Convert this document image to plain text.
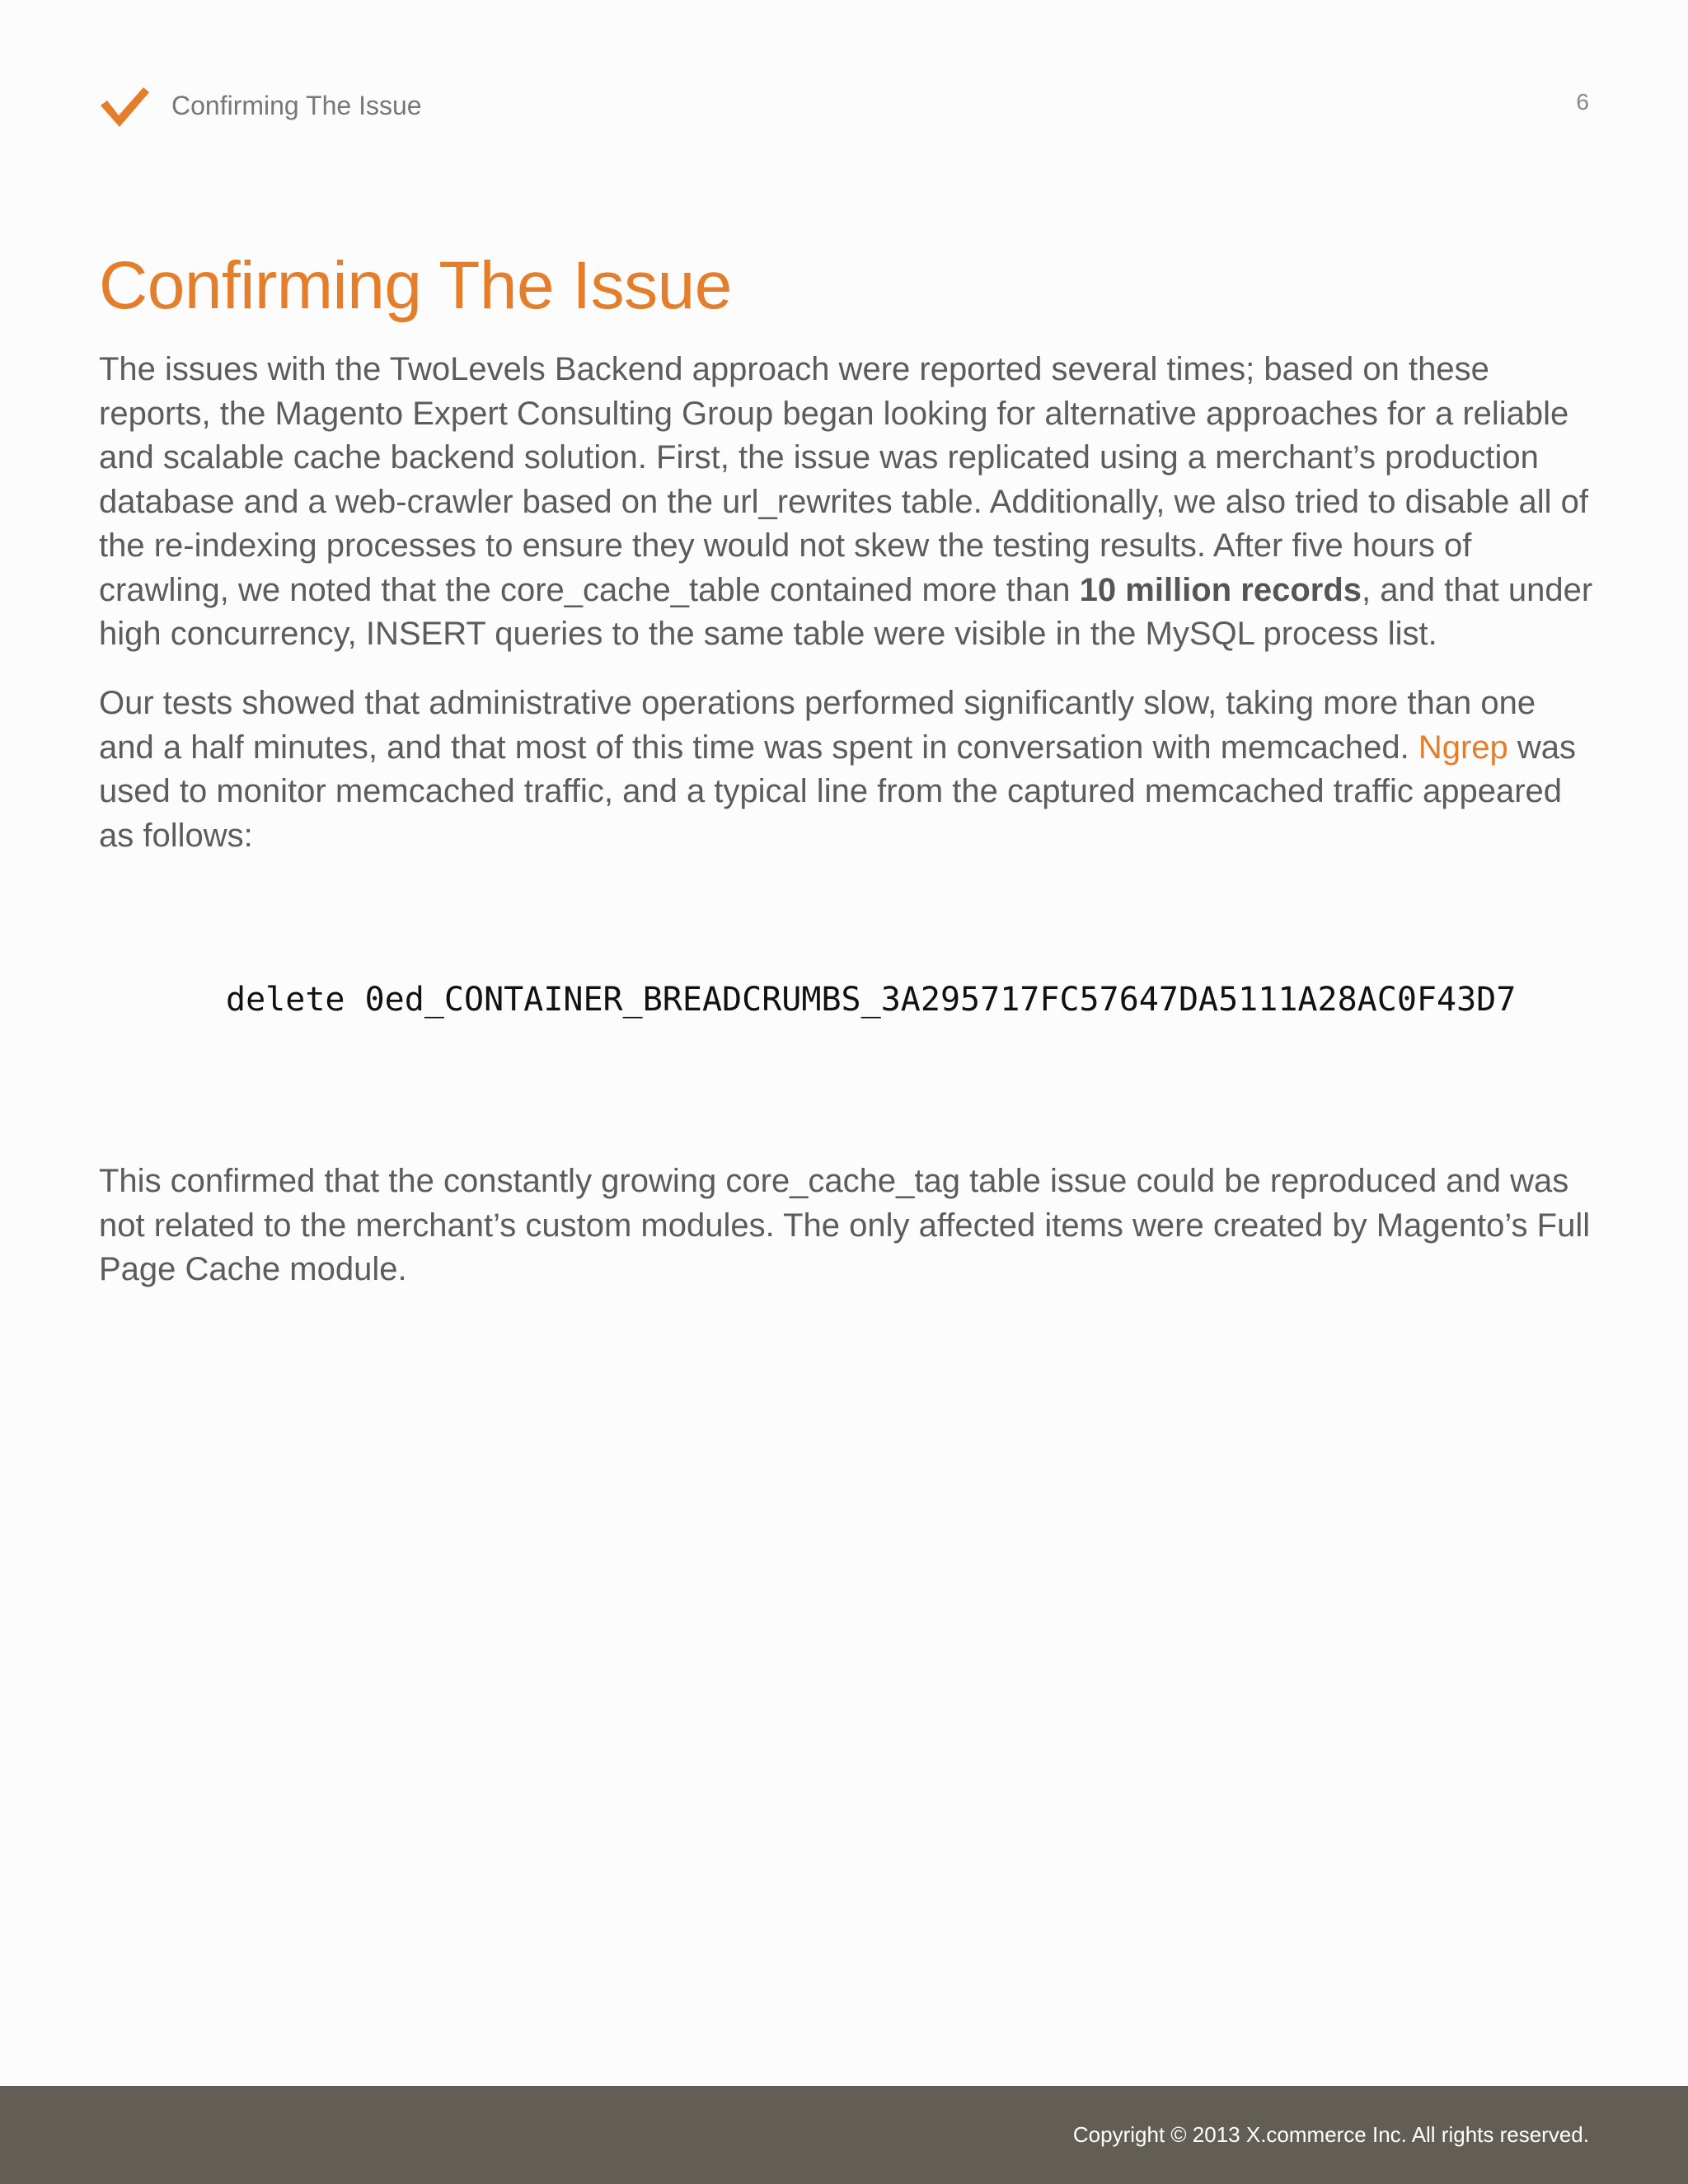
Confirming The Issue	6
Confirming The Issue

The issues with the TwoLevels Backend approach were reported several times; based on these reports, the Magento Expert Consulting Group began looking for alternative approaches for a reliable and scalable cache backend solution. First, the issue was replicated using a merchant’s production database and a web-crawler based on the url_rewrites table. Additionally, we also tried to disable all of the re-indexing processes to ensure they would not skew the testing results. After five hours of crawling, we noted that the core_cache_table contained more than 10 million records, and that under high concurrency, INSERT queries to the same table were visible in the MySQL process list.

Our tests showed that administrative operations performed significantly slow, taking more than one and a half minutes, and that most of this time was spent in conversation with memcached. Ngrep was used to monitor memcached traffic, and a typical line from the captured memcached traffic appeared as follows:

delete 0ed_CONTAINER_BREADCRUMBS_3A295717FC57647DA5111A28AC0F43D7

This confirmed that the constantly growing core_cache_tag table issue could be reproduced and was not related to the merchant’s custom modules. The only affected items were created by Magento’s Full Page Cache module.

Copyright © 2013 X.commerce Inc. All rights reserved.
